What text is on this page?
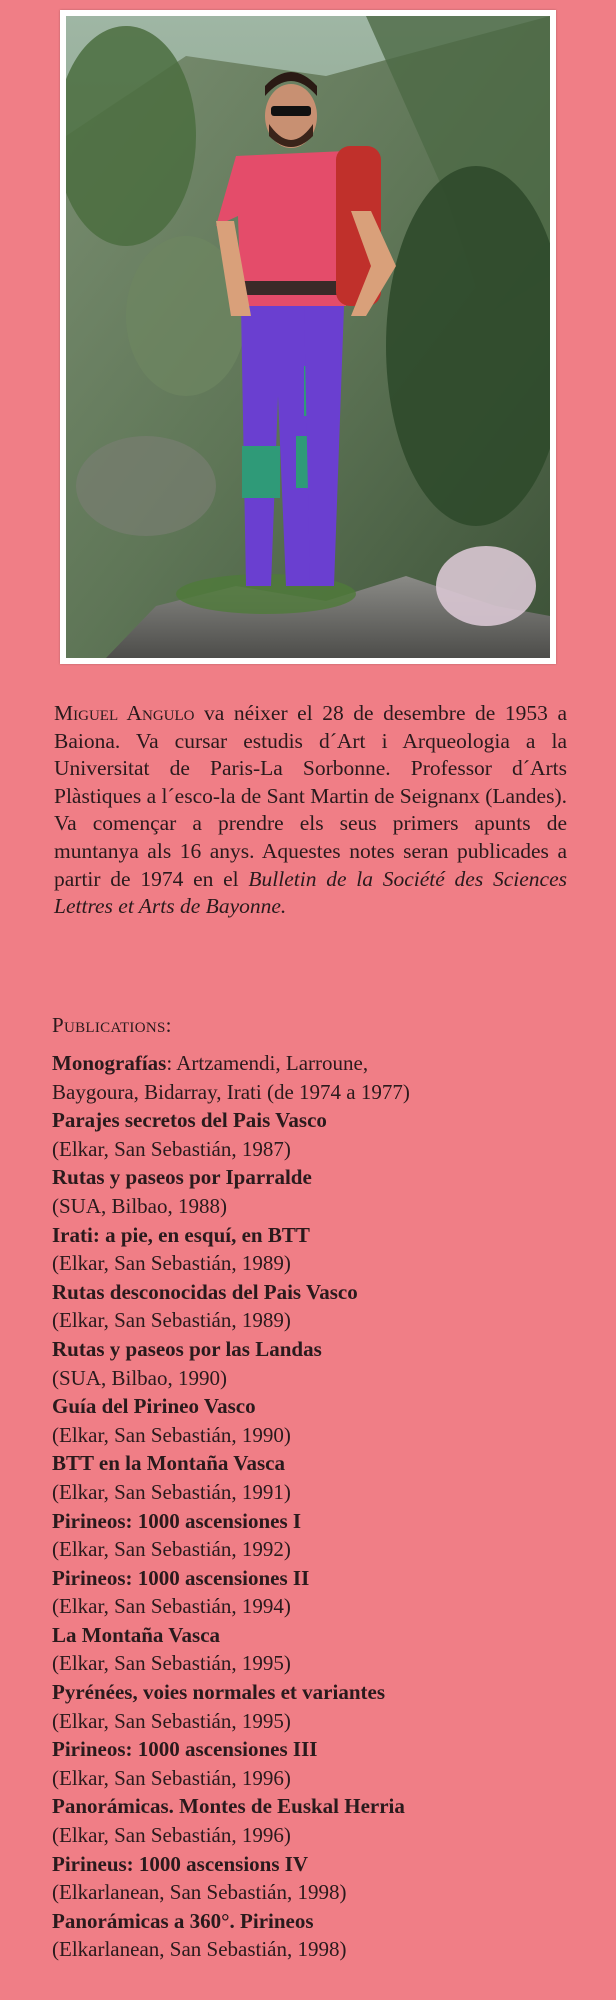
Miguel Angulo va néixer el 28 de desembre de 1953 a Baiona. Va cursar estudis d´Art i Arqueologia a la Universitat de Paris-La Sorbonne. Professor d´Arts Plàstiques a l´esco-la de Sant Martin de Seignanx (Landes). Va començar a prendre els seus primers apunts de muntanya als 16 anys. Aquestes notes seran publicades a partir de 1974 en el Bulletin de la Société des Sciences Lettres et Arts de Bayonne.

Publications:
Monografías: Artzamendi, Larroune,
Baygoura, Bidarray, Irati (de 1974 a 1977)
Parajes secretos del Pais Vasco
(Elkar, San Sebastián, 1987)
Rutas y paseos por Iparralde
(SUA, Bilbao, 1988)
Irati: a pie, en esquí, en BTT
(Elkar, San Sebastián, 1989)
Rutas desconocidas del Pais Vasco
(Elkar, San Sebastián, 1989)
Rutas y paseos por las Landas
(SUA, Bilbao, 1990)
Guía del Pirineo Vasco
(Elkar, San Sebastián, 1990)
BTT en la Montaña Vasca
(Elkar, San Sebastián, 1991)
Pirineos: 1000 ascensiones I
(Elkar, San Sebastián, 1992)
Pirineos: 1000 ascensiones II
(Elkar, San Sebastián, 1994)
La Montaña Vasca
(Elkar, San Sebastián, 1995)
Pyrénées, voies normales et variantes
(Elkar, San Sebastián, 1995)
Pirineos: 1000 ascensiones III
(Elkar, San Sebastián, 1996)
Panorámicas. Montes de Euskal Herria
(Elkar, San Sebastián, 1996)
Pirineus: 1000 ascensions IV
(Elkarlanean, San Sebastián, 1998)
Panorámicas a 360°. Pirineos
(Elkarlanean, San Sebastián, 1998)
